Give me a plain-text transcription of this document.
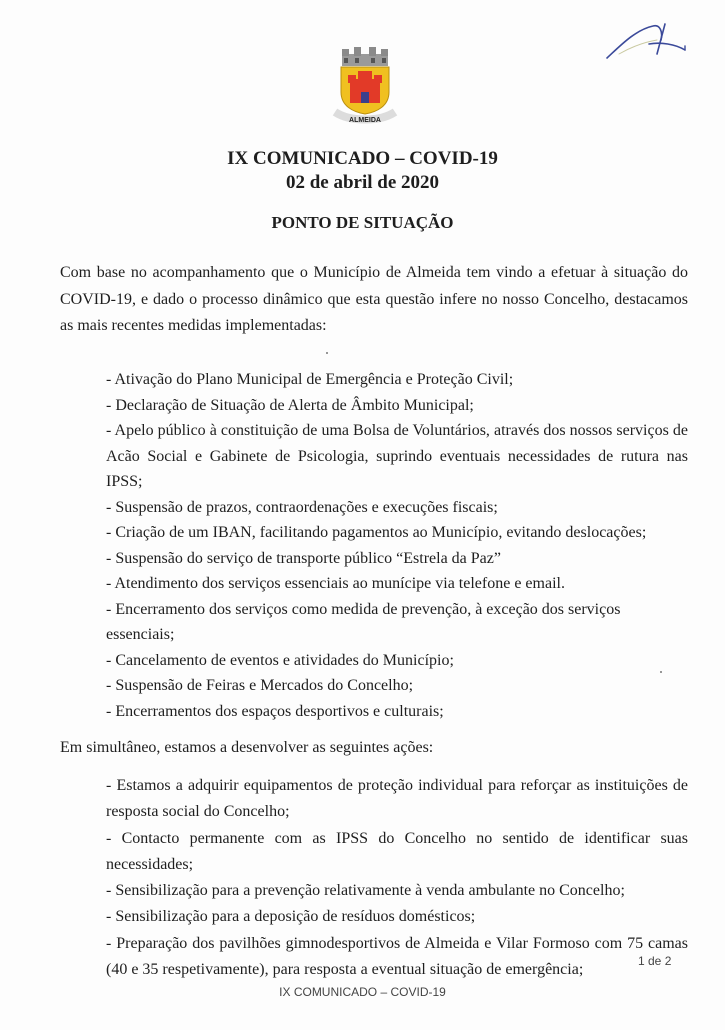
ALMEIDA
IX COMUNICADO – COVID-19
02 de abril de 2020
PONTO DE SITUAÇÃO

Com base no acompanhamento que o Município de Almeida tem vindo a efetuar à situação do COVID-19, e dado o processo dinâmico que esta questão infere no nosso Concelho, destacamos as mais recentes medidas implementadas:

- Ativação do Plano Municipal de Emergência e Proteção Civil;
- Declaração de Situação de Alerta de Âmbito Municipal;
- Apelo público à constituição de uma Bolsa de Voluntários, através dos nossos serviços de Acão Social e Gabinete de Psicologia, suprindo eventuais necessidades de rutura nas IPSS;
- Suspensão de prazos, contraordenações e execuções fiscais;
- Criação de um IBAN, facilitando pagamentos ao Município, evitando deslocações;
- Suspensão do serviço de transporte público “Estrela da Paz”
- Atendimento dos serviços essenciais ao munícipe via telefone e email.
- Encerramento dos serviços como medida de prevenção, à exceção dos serviços essenciais;
- Cancelamento de eventos e atividades do Município;
- Suspensão de Feiras e Mercados do Concelho;
- Encerramentos dos espaços desportivos e culturais;

Em simultâneo, estamos a desenvolver as seguintes ações:

- Estamos a adquirir equipamentos de proteção individual para reforçar as instituições de resposta social do Concelho;
- Contacto permanente com as IPSS do Concelho no sentido de identificar suas necessidades;
- Sensibilização para a prevenção relativamente à venda ambulante no Concelho;
- Sensibilização para a deposição de resíduos domésticos;
- Preparação dos pavilhões gimnodesportivos de Almeida e Vilar Formoso com 75 camas (40 e 35 respetivamente), para resposta a eventual situação de emergência;
1 de 2
IX COMUNICADO – COVID-19
